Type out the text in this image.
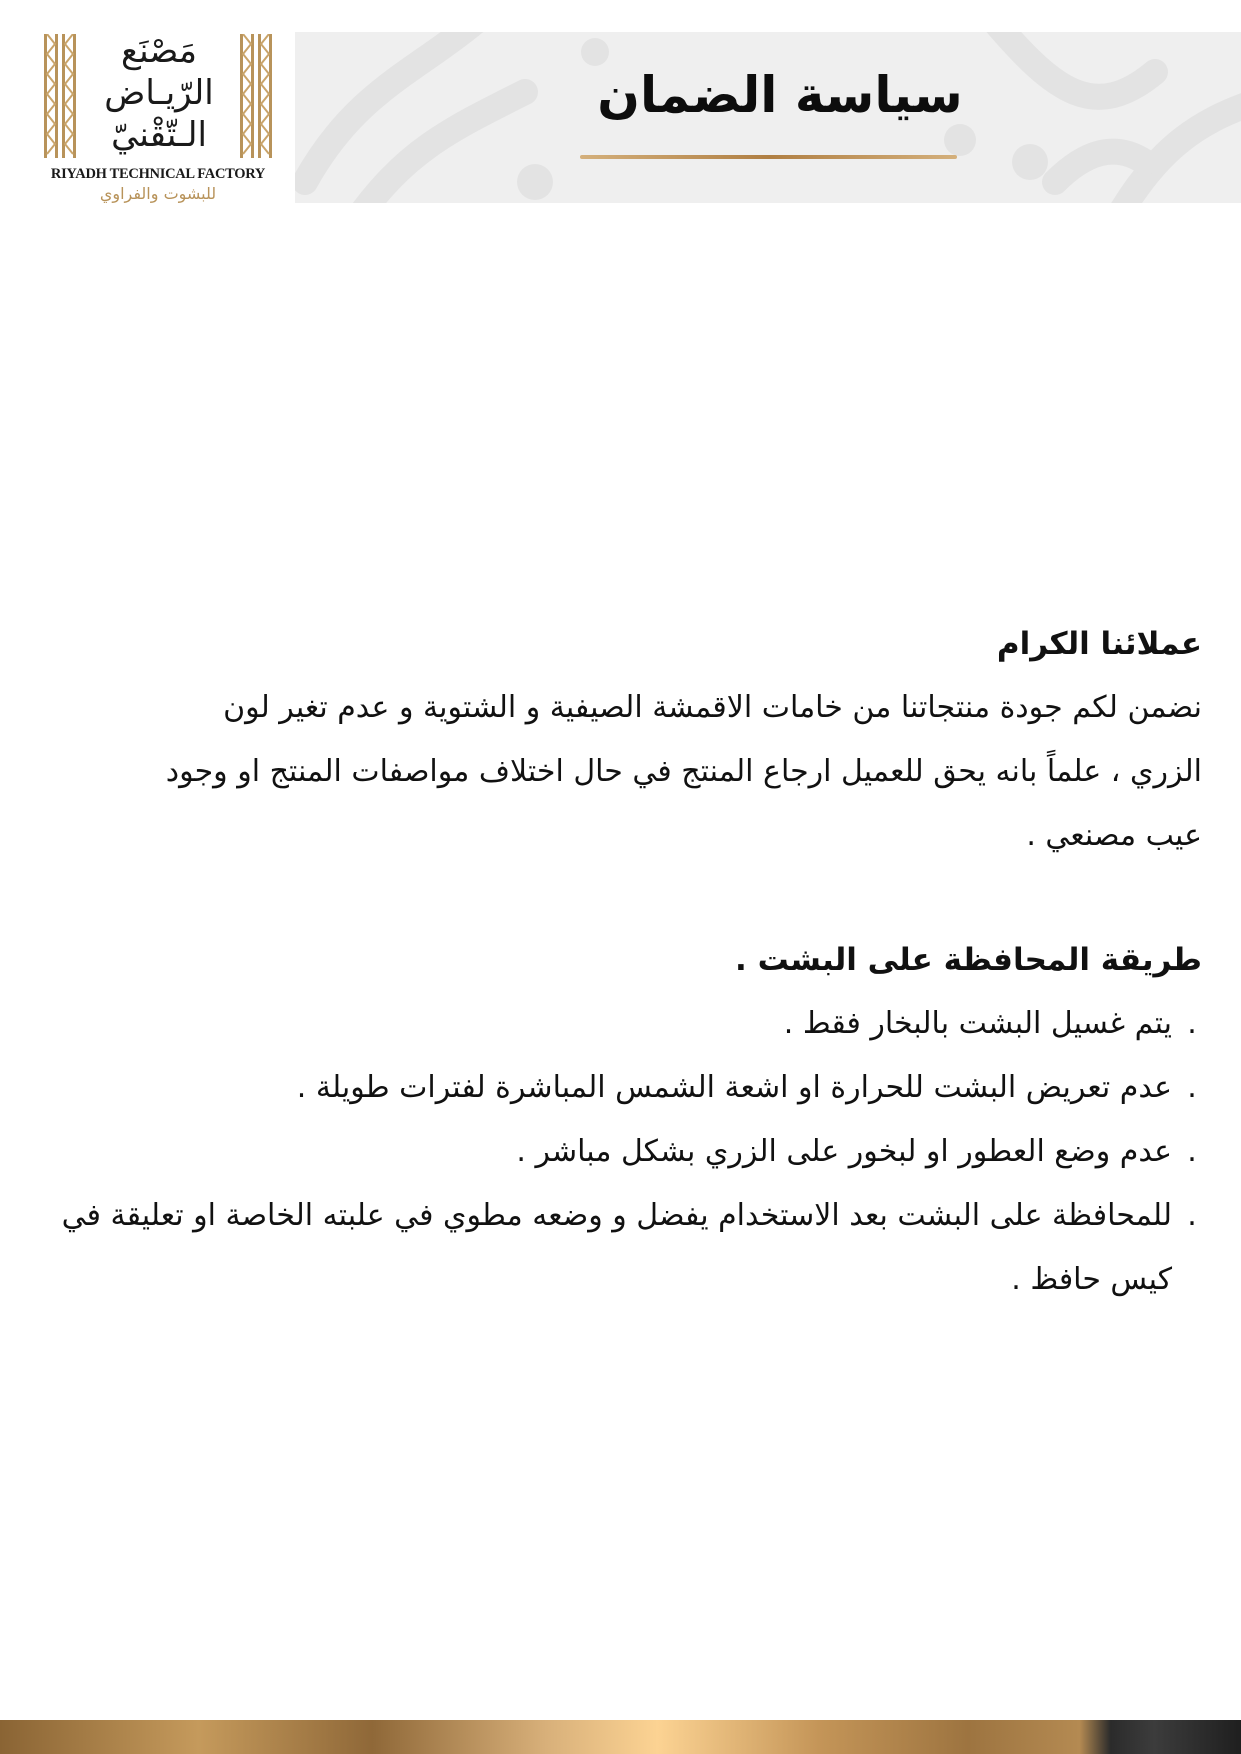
مَصْنَع
الرّيـاض
الـتّقْنيّ
RIYADH TECHNICAL FACTORY
للبشوت والفراوي
سياسة الضمان

عملائنا الكرام

نضمن لكم جودة منتجاتنا من خامات الاقمشة الصيفية و الشتوية و عدم تغير لون

الزري ، علماً بانه يحق للعميل ارجاع المنتج في حال اختلاف مواصفات المنتج او وجود

عيب مصنعي .

طريقة المحافظة على البشت .

.
يتم غسيل البشت بالبخار فقط .
.
عدم تعريض البشت للحرارة او اشعة الشمس المباشرة لفترات طويلة .
.
عدم وضع العطور او لبخور على الزري بشكل مباشر .
.
للمحافظة على البشت بعد الاستخدام يفضل و وضعه مطوي في علبته الخاصة او تعليقة في كيس حافظ .
